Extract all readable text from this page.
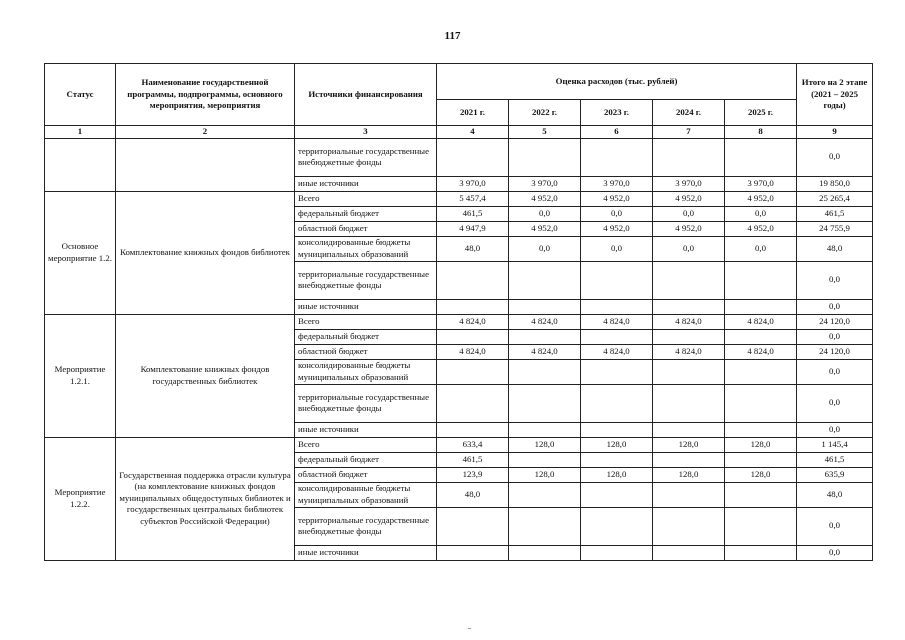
117
Статус	Наименование государственной программы, подпрограммы, основного мероприятия, мероприятия	Источники финансирования	Оценка расходов (тыс. рублей)					Итого на 2 этапе (2021 – 2025 годы)
			2021 г.	2022 г.	2023 г.	2024 г.	2025 г.	
1	2	3	4	5	6	7	8	9
		территориальные государственные внебюджетные фонды						0,0
		иные источники	3 970,0	3 970,0	3 970,0	3 970,0	3 970,0	19 850,0
Основное мероприятие 1.2.	Комплектование книжных фондов библиотек	Всего	5 457,4	4 952,0	4 952,0	4 952,0	4 952,0	25 265,4
		федеральный бюджет	461,5	0,0	0,0	0,0	0,0	461,5
		областной бюджет	4 947,9	4 952,0	4 952,0	4 952,0	4 952,0	24 755,9
		консолидированные бюджеты муниципальных образований	48,0	0,0	0,0	0,0	0,0	48,0
		территориальные государственные внебюджетные фонды						0,0
		иные источники						0,0
Мероприятие 1.2.1.	Комплектование книжных фондов государственных библиотек	Всего	4 824,0	4 824,0	4 824,0	4 824,0	4 824,0	24 120,0
		федеральный бюджет						0,0
		областной бюджет	4 824,0	4 824,0	4 824,0	4 824,0	4 824,0	24 120,0
		консолидированные бюджеты муниципальных образований						0,0
		территориальные государственные внебюджетные фонды						0,0
		иные источники						0,0
Мероприятие 1.2.2.	Государственная поддержка отрасли культура (на комплектование книжных фондов муниципальных общедоступных библиотек и государственных центральных библиотек субъектов Российской Федерации)	Всего	633,4	128,0	128,0	128,0	128,0	1 145,4
		федеральный бюджет	461,5					461,5
		областной бюджет	123,9	128,0	128,0	128,0	128,0	635,9
		консолидированные бюджеты муниципальных образований	48,0					48,0
		территориальные государственные внебюджетные фонды						0,0
		иные источники						0,0
